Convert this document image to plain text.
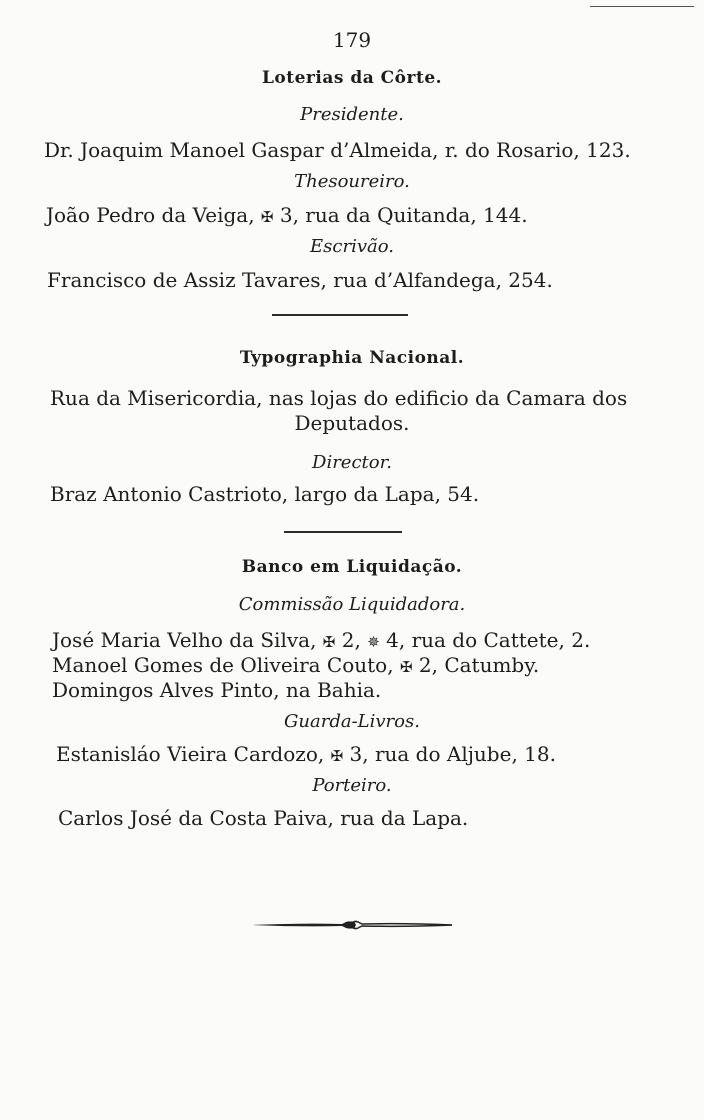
179
Loterias da Côrte.
Presidente.
Dr. Joaquim Manoel Gaspar d’Almeida, r. do Rosario, 123.
Thesoureiro.
João Pedro da Veiga, ✠ 3, rua da Quitanda, 144.
Escrivão.
Francisco de Assiz Tavares, rua d’Alfandega, 254.
Typographia Nacional.
Rua da Misericordia, nas lojas do edificio da Camara dos
Deputados.
Director.
Braz Antonio Castrioto, largo da Lapa, 54.
Banco em Liquidação.
Commissão Liquidadora.
José Maria Velho da Silva, ✠ 2, ✵ 4, rua do Cattete, 2.
Manoel Gomes de Oliveira Couto, ✠ 2, Catumby.
Domingos Alves Pinto, na Bahia.
Guarda-Livros.
Estanisláo Vieira Cardozo, ✠ 3, rua do Aljube, 18.
Porteiro.
Carlos José da Costa Paiva, rua da Lapa.
